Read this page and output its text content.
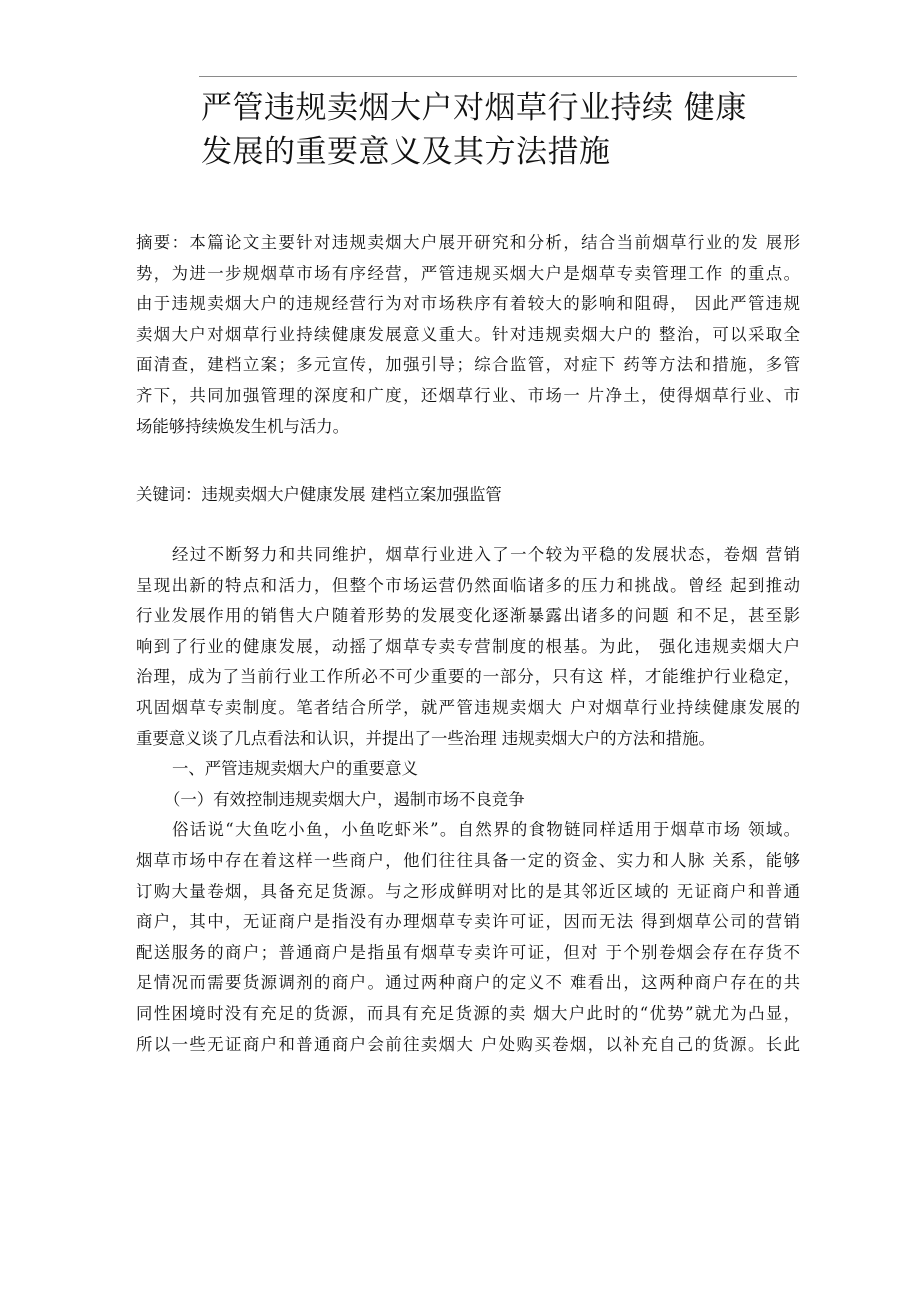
严管违规卖烟大户对烟草行业持续 健康
发展的重要意义及其方法措施
摘要：本篇论文主要针对违规卖烟大户展开研究和分析，结合当前烟草行业的发 展形
势，为进一步规烟草市场有序经营，严管违规买烟大户是烟草专卖管理工作 的重点。
由于违规卖烟大户的违规经营行为对市场秩序有着较大的影响和阻碍， 因此严管违规
卖烟大户对烟草行业持续健康发展意义重大。针对违规卖烟大户的 整治，可以采取全
面清查，建档立案；多元宣传，加强引导；综合监管，对症下 药等方法和措施，多管
齐下，共同加强管理的深度和广度，还烟草行业、市场一 片净土，使得烟草行业、市
场能够持续焕发生机与活力。
关键词：违规卖烟大户健康发展 建档立案加强监管
经过不断努力和共同维护，烟草行业进入了一个较为平稳的发展状态，卷烟 营销
呈现出新的特点和活力，但整个市场运营仍然面临诸多的压力和挑战。曾经 起到推动
行业发展作用的销售大户随着形势的发展变化逐渐暴露出诸多的问题 和不足，甚至影
响到了行业的健康发展，动摇了烟草专卖专营制度的根基。为此， 强化违规卖烟大户
治理，成为了当前行业工作所必不可少重要的一部分，只有这 样，才能维护行业稳定，
巩固烟草专卖制度。笔者结合所学，就严管违规卖烟大 户对烟草行业持续健康发展的
重要意义谈了几点看法和认识，并提出了一些治理 违规卖烟大户的方法和措施。
一、严管违规卖烟大户的重要意义
（一）有效控制违规卖烟大户，遏制市场不良竞争
俗话说“大鱼吃小鱼，小鱼吃虾米”。自然界的食物链同样适用于烟草市场 领域。
烟草市场中存在着这样一些商户，他们往往具备一定的资金、实力和人脉 关系，能够
订购大量卷烟，具备充足货源。与之形成鲜明对比的是其邻近区域的 无证商户和普通
商户，其中，无证商户是指没有办理烟草专卖许可证，因而无法 得到烟草公司的营销
配送服务的商户；普通商户是指虽有烟草专卖许可证，但对 于个别卷烟会存在存货不
足情况而需要货源调剂的商户。通过两种商户的定义不 难看出，这两种商户存在的共
同性困境时没有充足的货源，而具有充足货源的卖 烟大户此时的“优势”就尤为凸显，
所以一些无证商户和普通商户会前往卖烟大 户处购买卷烟，以补充自己的货源。长此
